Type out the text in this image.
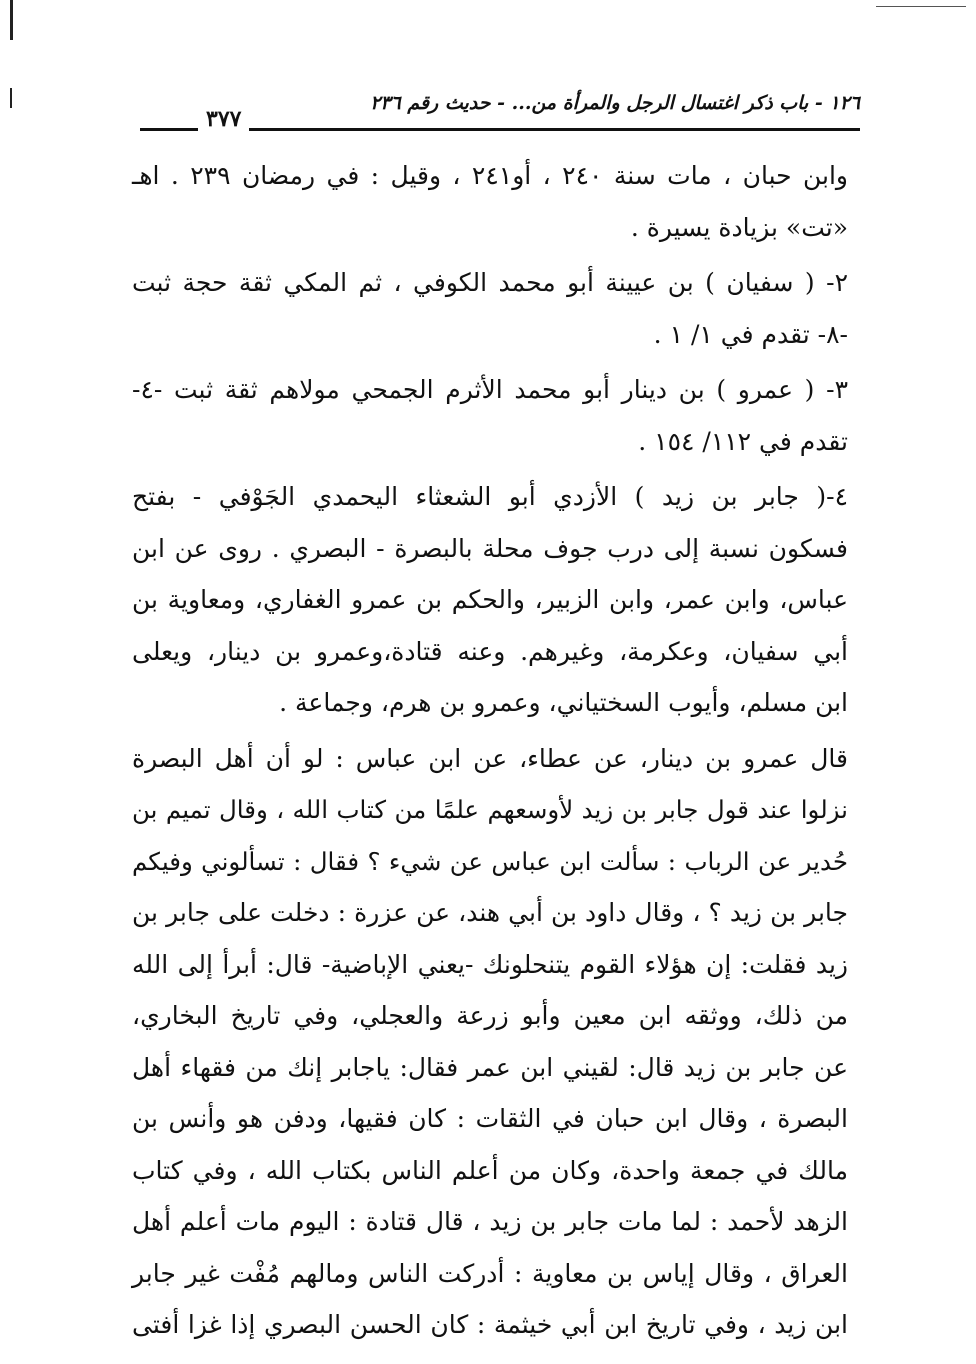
١٢٦ - باب ذكر اغتسال الرجل والمرأة من... - حديث رقم ٢٣٦
٣٧٧

وابن حبان ، مات سنة ٢٤٠ ، أو٢٤١ ، وقيل : في رمضان ٢٣٩ . اهـ
«تت» بزيادة يسيرة .

٢- ( سفيان ) بن عيينة أبو محمد الكوفي ، ثم المكي ثقة حجة ثبت
-٨- تقدم في ١/ ١ .

٣- ( عمرو ) بن دينار أبو محمد الأثرم الجمحي مولاهم ثقة ثبت -٤-
تقدم في ١١٢/ ١٥٤ .

٤-( جابر بن زيد ) الأزدي أبو الشعثاء اليحمدي الجَوْفي - بفتح
فسكون نسبة إلى درب جوف محلة بالبصرة - البصري . روى عن ابن
عباس، وابن عمر، وابن الزبير، والحكم بن عمرو الغفاري، ومعاوية بن
أبي سفيان، وعكرمة، وغيرهم. وعنه قتادة،وعمرو بن دينار، ويعلى
ابن مسلم، وأيوب السختياني، وعمرو بن هرم، وجماعة .

قال عمرو بن دينار، عن عطاء، عن ابن عباس : لو أن أهل البصرة
نزلوا عند قول جابر بن زيد لأوسعهم علمًا من كتاب الله ، وقال تميم بن
حُدير عن الرباب : سألت ابن عباس عن شيء ؟ فقال : تسألوني وفيكم
جابر بن زيد ؟ ، وقال داود بن أبي هند، عن عزرة : دخلت على جابر بن
زيد فقلت: إن هؤلاء القوم يتنحلونك -يعني الإباضية- قال: أبرأ إلى الله
من ذلك، ووثقه ابن معين وأبو زرعة والعجلي، وفي تاريخ البخاري،
عن جابر بن زيد قال: لقيني ابن عمر فقال: ياجابر إنك من فقهاء أهل
البصرة ، وقال ابن حبان في الثقات : كان فقيها، ودفن هو وأنس بن
مالك في جمعة واحدة، وكان من أعلم الناس بكتاب الله ، وفي كتاب
الزهد لأحمد : لما مات جابر بن زيد ، قال قتادة : اليوم مات أعلم أهل
العراق ، وقال إياس بن معاوية : أدركت الناس ومالهم مُفْت غير جابر
ابن زيد ، وفي تاريخ ابن أبي خيثمة : كان الحسن البصري إذا غزا أفتى
